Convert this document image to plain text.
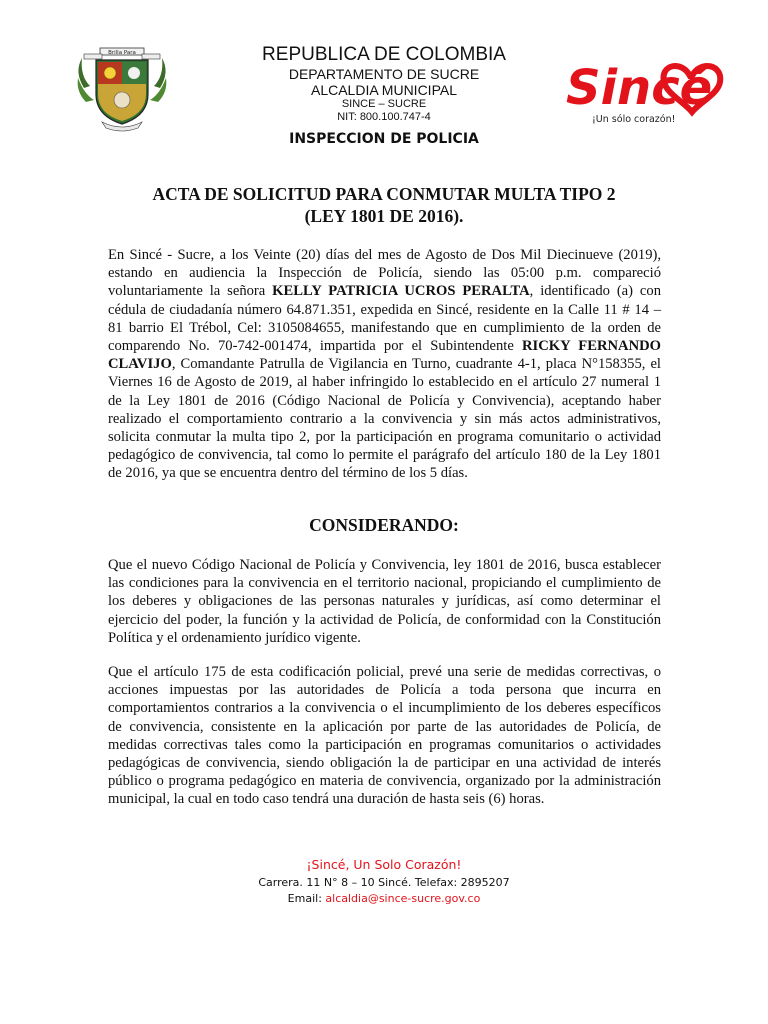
Brilla Para	REPUBLICA DE COLOMBIA
DEPARTAMENTO DE SUCRE
ALCALDIA MUNICIPAL
SINCE – SUCRE
NIT: 800.100.747-4
INSPECCION DE POLICIA
Sincé
¡Un sólo corazón!
ACTA DE SOLICITUD PARA CONMUTAR MULTA TIPO 2
(LEY 1801 DE 2016).
En Sincé - Sucre, a los Veinte (20) días del mes de Agosto de Dos Mil Diecinueve (2019), estando en audiencia la Inspección de Policía, siendo las 05:00 p.m. compareció voluntariamente la señora KELLY PATRICIA UCROS PERALTA, identificado (a) con cédula de ciudadanía número 64.871.351, expedida en Sincé, residente en la Calle 11 # 14 – 81 barrio El Trébol, Cel: 3105084655, manifestando que en cumplimiento de la orden de comparendo No. 70-742-001474, impartida por el Subintendente RICKY FERNANDO CLAVIJO, Comandante Patrulla de Vigilancia en Turno, cuadrante 4-1, placa N°158355, el Viernes 16 de Agosto de 2019, al haber infringido lo establecido en el artículo 27 numeral 1 de la Ley 1801 de 2016 (Código Nacional de Policía y Convivencia), aceptando haber realizado el comportamiento contrario a la convivencia y sin más actos administrativos, solicita conmutar la multa tipo 2, por la participación en programa comunitario o actividad pedagógico de convivencia, tal como lo permite el parágrafo del artículo 180 de la Ley 1801 de 2016, ya que se encuentra dentro del término de los 5 días.
CONSIDERANDO:
Que el nuevo Código Nacional de Policía y Convivencia, ley 1801 de 2016, busca establecer las condiciones para la convivencia en el territorio nacional, propiciando el cumplimiento de los deberes y obligaciones de las personas naturales y jurídicas, así como determinar el ejercicio del poder, la función y la actividad de Policía, de conformidad con la Constitución Política y el ordenamiento jurídico vigente.
Que el artículo 175 de esta codificación policial, prevé una serie de medidas correctivas, o acciones impuestas por las autoridades de Policía a toda persona que incurra en comportamientos contrarios a la convivencia o el incumplimiento de los deberes específicos de convivencia, consistente en la aplicación por parte de las autoridades de Policía, de medidas correctivas tales como la participación en programas comunitarios o actividades pedagógicas de convivencia, siendo obligación la de participar en una actividad de interés público o programa pedagógico en materia de convivencia, organizado por la administración municipal, la cual en todo caso tendrá una duración de hasta seis (6) horas.
¡Sincé, Un Solo Corazón!
Carrera. 11 N° 8 – 10 Sincé. Telefax: 2895207
Email: alcaldia@since-sucre.gov.co
